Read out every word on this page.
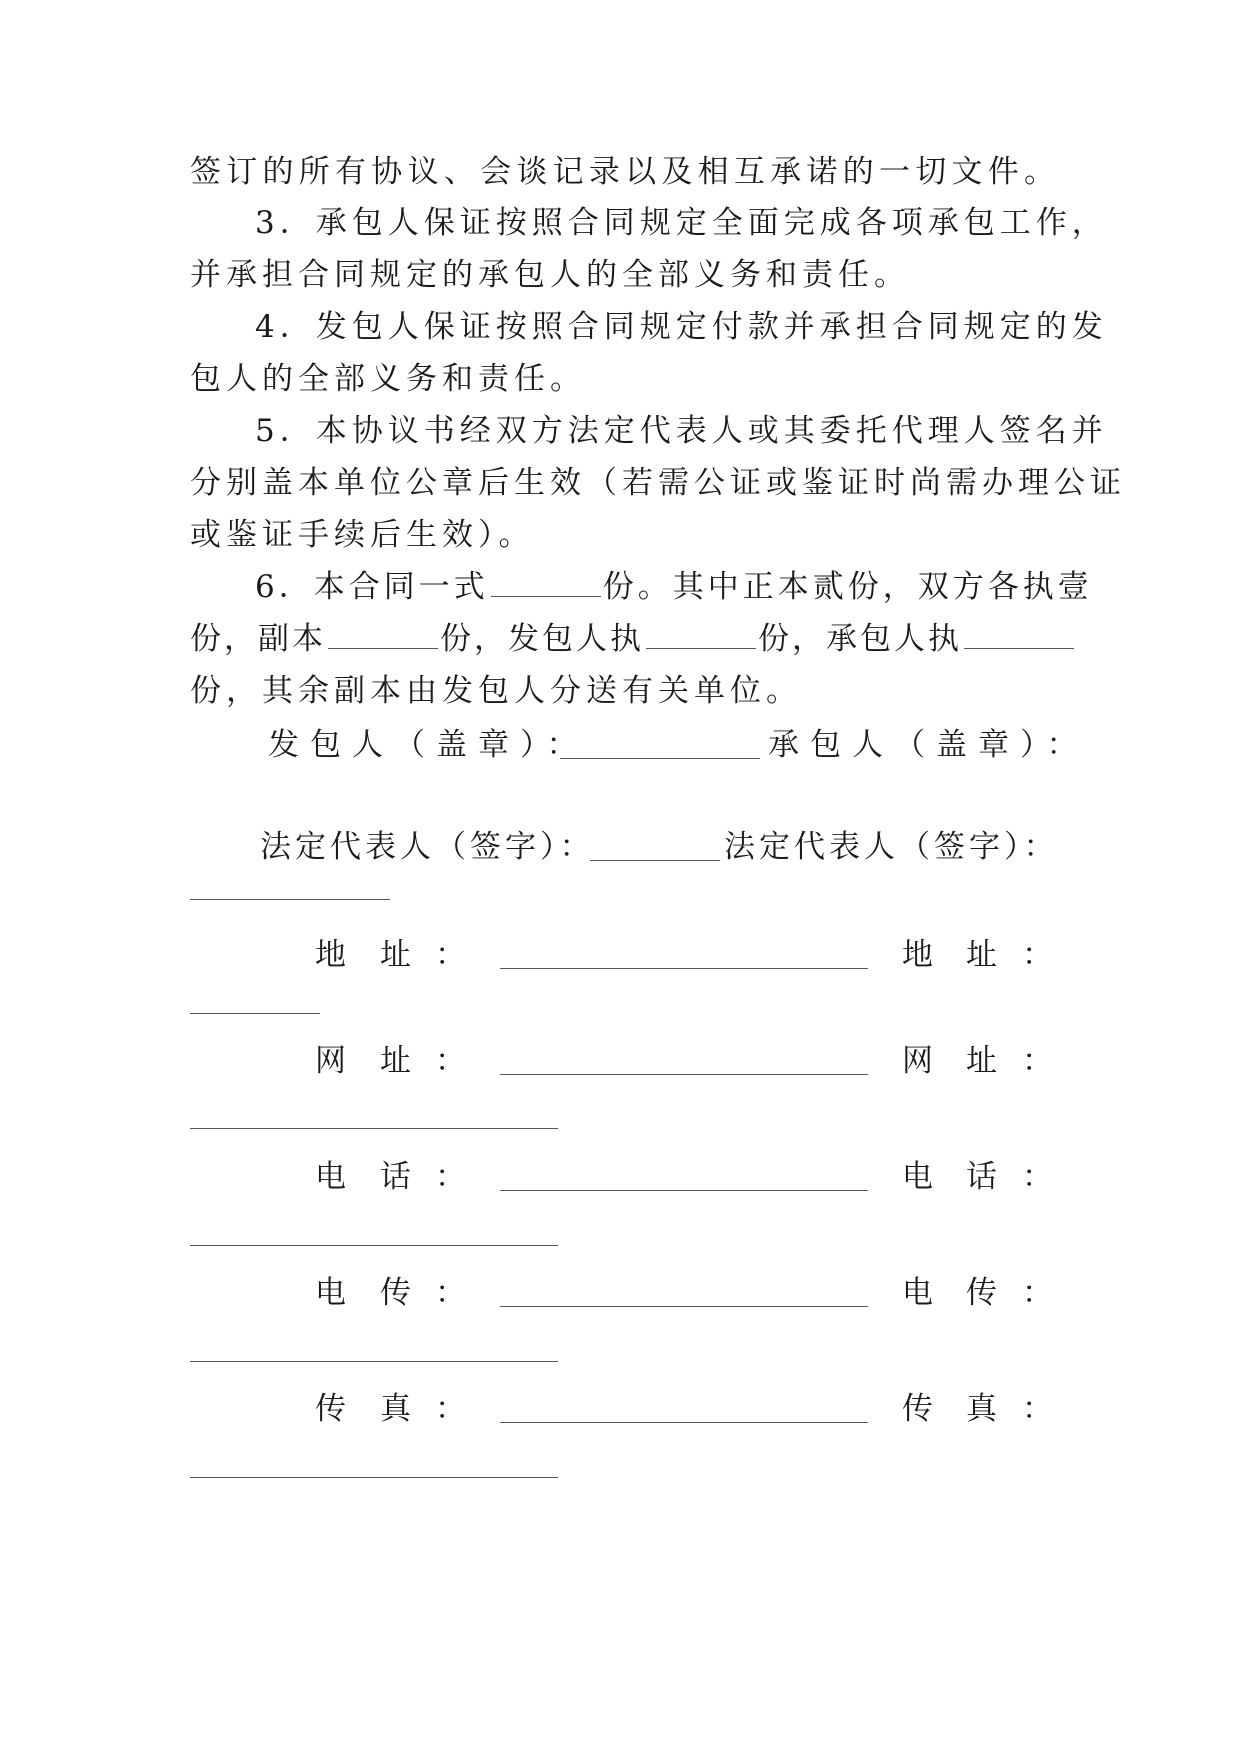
签订的所有协议、会谈记录以及相互承诺的一切文件。
3．承包人保证按照合同规定全面完成各项承包工作，
并承担合同规定的承包人的全部义务和责任。
4．发包人保证按照合同规定付款并承担合同规定的发
包人的全部义务和责任。
5．本协议书经双方法定代表人或其委托代理人签名并
分别盖本单位公章后生效（若需公证或鉴证时尚需办理公证
或鉴证手续后生效）。
6．本合同一式	份。其中正本贰份，双方各执壹
份，副本	份，发包人执	份，承包人执
份，其余副本由发包人分送有关单位。
发包人（盖章）：	承包人（盖章）：
法定代表人（签字）：	法定代表人（签字）：
地 址 ：	地 址 ：
网 址 ：	网 址 ：
电 话 ：	电 话 ：
电 传 ：	电 传 ：
传 真 ：	传 真 ：
